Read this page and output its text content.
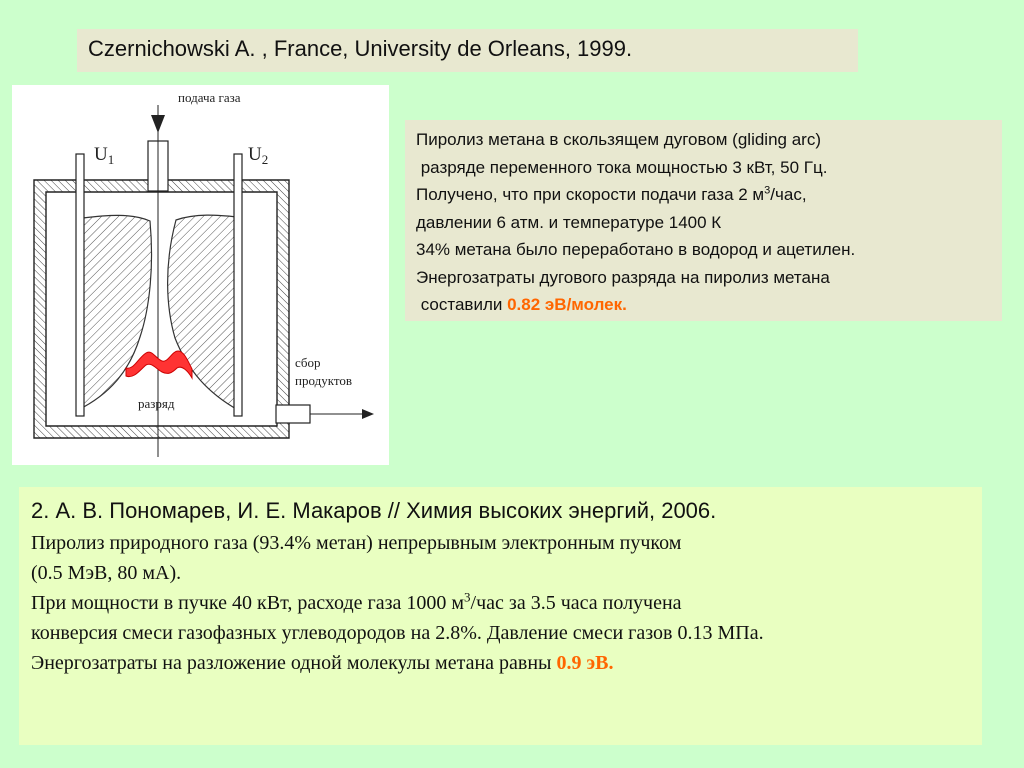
Czernichowski A. , France, University de Orleans, 1999.
подача газа
$U_1$	$U_2$
сбор
продуктов
разряд
Пиролиз метана в скользящем дуговом (gliding arc)
разряде переменного тока мощностью 3 кВт, 50 Гц.
Получено, что при скорости подачи газа 2 $м^3$/час,
давлении 6 атм. и температуре 1400 К
34% метана было переработано в водород и ацетилен.
Энергозатраты дугового разряда на пиролиз метана
составили 0.82 эВ/молек.
2. А. В. Пономарев, И. Е. Макаров // Химия высоких энергий, 2006.
Пиролиз природного газа (93.4% метан) непрерывным электронным пучком
(0.5 МэВ, 80 мА).
При мощности в пучке 40 кВт, расходе газа 1000 $м^3$/час за 3.5 часа получена
конверсия смеси газофазных углеводородов на 2.8%. Давление смеси газов 0.13 МПа.
Энергозатраты на разложение одной молекулы метана равны 0.9 эВ.
